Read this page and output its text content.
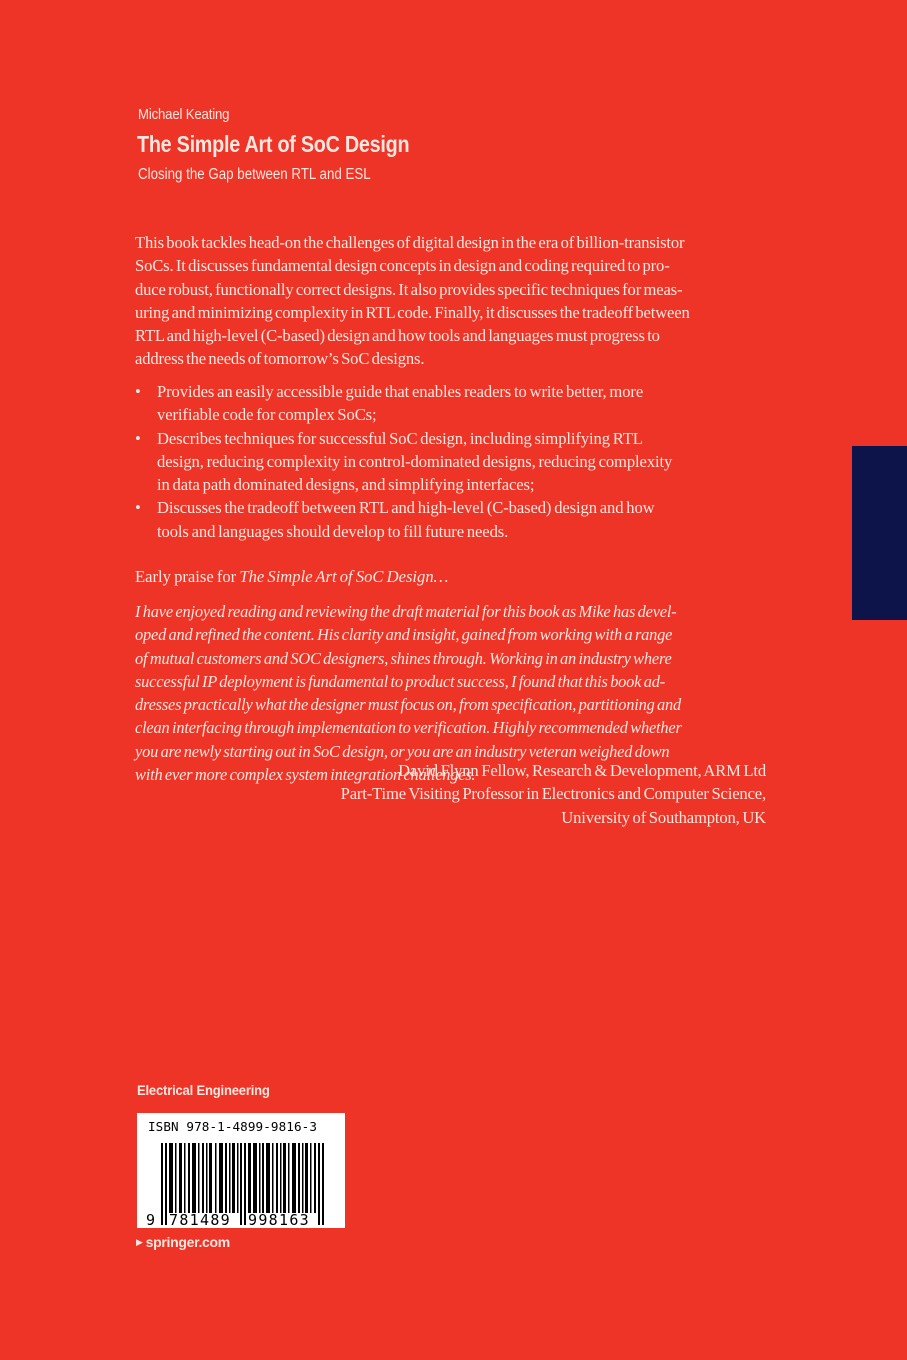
Michael Keating
The Simple Art of SoC Design
Closing the Gap between RTL and ESL
This book tackles head-on the challenges of digital design in the era of billion-transistor
SoCs. It discusses fundamental design concepts in design and coding required to pro-
duce robust, functionally correct designs. It also provides specific techniques for meas-
uring and minimizing complexity in RTL code. Finally, it discusses the tradeoff between
RTL and high-level (C-based) design and how tools and languages must progress to
address the needs of tomorrow’s SoC designs.
• Provides an easily accessible guide that enables readers to write better, more
verifiable code for complex SoCs;
• Describes techniques for successful SoC design, including simplifying RTL
design, reducing complexity in control-dominated designs, reducing complexity
in data path dominated designs, and simplifying interfaces;
• Discusses the tradeoff between RTL and high-level (C-based) design and how
tools and languages should develop to fill future needs.
Early praise for The Simple Art of SoC Design…
I have enjoyed reading and reviewing the draft material for this book as Mike has devel-
oped and refined the content. His clarity and insight, gained from working with a range
of mutual customers and SOC designers, shines through. Working in an industry where
successful IP deployment is fundamental to product success, I found that this book ad-
dresses practically what the designer must focus on, from specification, partitioning and
clean interfacing through implementation to verification. Highly recommended whether
you are newly starting out in SoC design, or you are an industry veteran weighed down
with ever more complex system integration challenges.
David Flynn Fellow, Research & Development, ARM Ltd
Part-Time Visiting Professor in Electronics and Computer Science,
University of Southampton, UK
Electrical Engineering
ISBN 978-1-4899-9816-3
9 781489 998163
▶ springer.com
